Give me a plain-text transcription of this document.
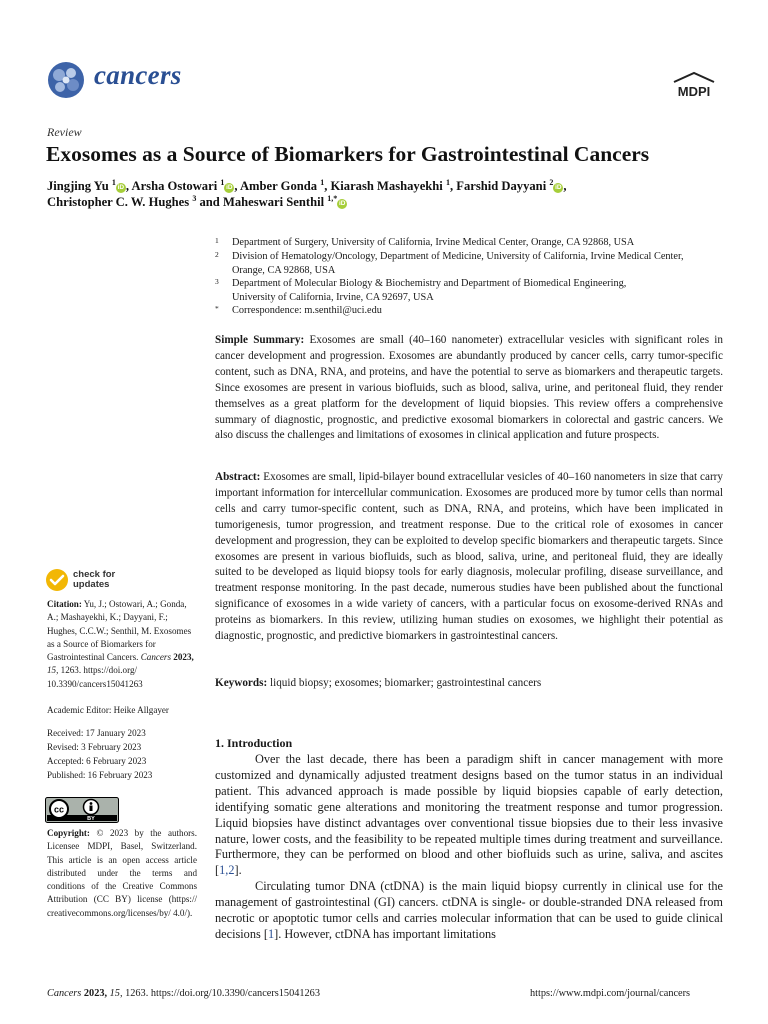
cancers
MDPI
Review
Exosomes as a Source of Biomarkers for Gastrointestinal Cancers
Jingjing Yu $^1$iD , Arsha Ostowari $^1$iD , Amber Gonda $^1$, Kiarash Mashayekhi $^1$, Farshid Dayyani $^2$iD ,
Christopher C. W. Hughes $^3$ and Maheswari Senthil $^{1,*}$iD
1 Department of Surgery, University of California, Irvine Medical Center, Orange, CA 92868, USA
2 Division of Hematology/Oncology, Department of Medicine, University of California, Irvine Medical Center,
Orange, CA 92868, USA
3 Department of Molecular Biology & Biochemistry and Department of Biomedical Engineering,
University of California, Irvine, CA 92697, USA
* Correspondence: m.senthil@uci.edu
Simple Summary: Exosomes are small (40–160 nanometer) extracellular vesicles with significant roles in cancer development and progression. Exosomes are abundantly produced by cancer cells, carry tumor-specific content, such as DNA, RNA, and proteins, and have the potential to serve as biomarkers and therapeutic targets. Since exosomes are present in various biofluids, such as blood, saliva, urine, and peritoneal fluid, they render themselves as a great platform for the development of liquid biopsies. This review offers a comprehensive summary of diagnostic, prognostic, and predictive exosomal biomarkers in colorectal and gastric cancers. We also discuss the challenges and limitations of exosomes in clinical application and future prospects.
Abstract: Exosomes are small, lipid-bilayer bound extracellular vesicles of 40–160 nanometers in size that carry important information for intercellular communication. Exosomes are produced more by tumor cells than normal cells and carry tumor-specific content, such as DNA, RNA, and proteins, which have been implicated in tumorigenesis, tumor progression, and treatment response. Due to the critical role of exosomes in cancer development and progression, they can be exploited to develop specific biomarkers and therapeutic targets. Since exosomes are present in various biofluids, such as blood, saliva, urine, and peritoneal fluid, they are ideally suited to be developed as liquid biopsy tools for early diagnosis, molecular profiling, disease surveillance, and treatment response monitoring. In the past decade, numerous studies have been published about the functional significance of exosomes in a wide variety of cancers, with a particular focus on exosome-derived RNAs and proteins as biomarkers. In this review, utilizing human studies on exosomes, we highlight their potential as diagnostic, prognostic, and predictive biomarkers in gastrointestinal cancers.
Keywords: liquid biopsy; exosomes; biomarker; gastrointestinal cancers
1. Introduction
Over the last decade, there has been a paradigm shift in cancer management with more customized and dynamically adjusted treatment designs based on the tumor status in an individual patient. This advanced approach is made possible by liquid biopsies capable of early detection, identifying somatic gene alterations and monitoring the treatment response and tumor progression. Liquid biopsies have distinct advantages over conventional tissue biopsies due to their less invasive nature, lower costs, and the feasibility to be repeated multiple times during treatment and surveillance. Furthermore, they can be performed on blood and other biofluids such as urine, saliva, and ascites [1,2].
Circulating tumor DNA (ctDNA) is the main liquid biopsy currently in clinical use for the management of gastrointestinal (GI) cancers. ctDNA is single- or double-stranded DNA released from necrotic or apoptotic tumor cells and carries molecular information that can be used to guide clinical decisions [1]. However, ctDNA has important limitations
check for
updates
Citation: Yu, J.; Ostowari, A.; Gonda, A.; Mashayekhi, K.; Dayyani, F.; Hughes, C.C.W.; Senthil, M. Exosomes as a Source of Biomarkers for Gastrointestinal Cancers. Cancers 2023, 15, 1263. https://doi.org/ 10.3390/cancers15041263
Academic Editor: Heike Allgayer
Received: 17 January 2023
Revised: 3 February 2023
Accepted: 6 February 2023
Published: 16 February 2023
cc
BY
Copyright: © 2023 by the authors. Licensee MDPI, Basel, Switzerland. This article is an open access article distributed under the terms and conditions of the Creative Commons Attribution (CC BY) license (https:// creativecommons.org/licenses/by/ 4.0/).
Cancers 2023, 15, 1263. https://doi.org/10.3390/cancers15041263	https://www.mdpi.com/journal/cancers
